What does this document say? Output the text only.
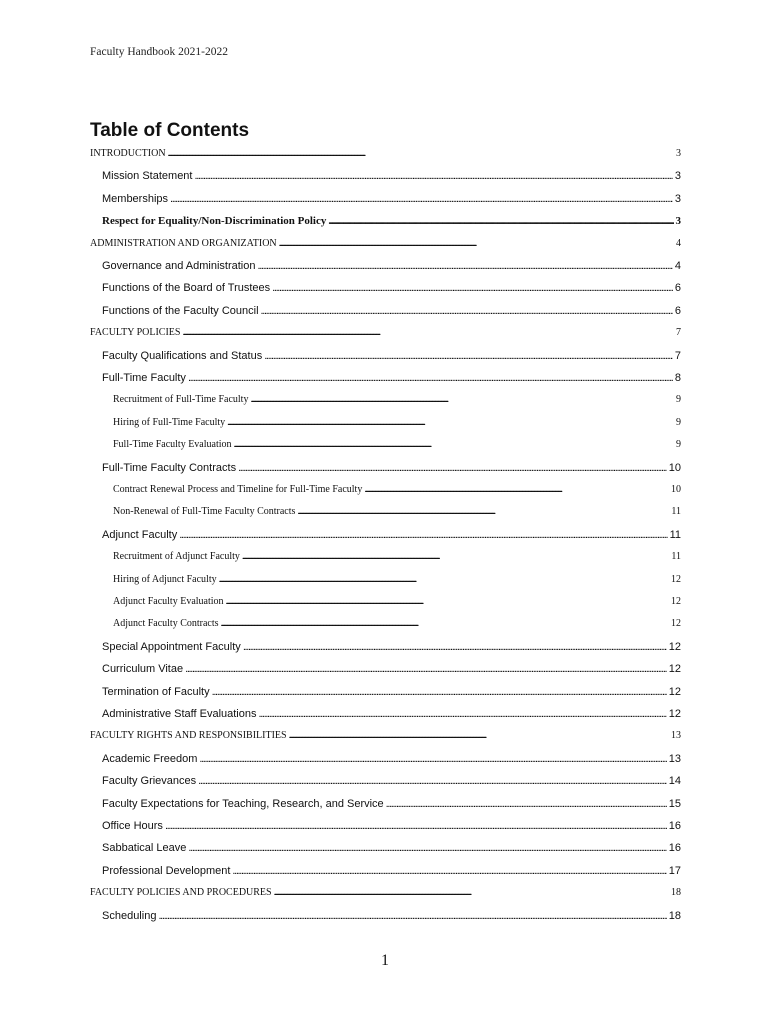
Faculty Handbook 2021-2022
Table of Contents
INTRODUCTION . . .	3
Mission Statement . . .	3
Memberships . . .	3
Respect for Equality/Non-Discrimination Policy . . .	3
ADMINISTRATION AND ORGANIZATION . . .	4
Governance and Administration . . .	4
Functions of the Board of Trustees . . .	6
Functions of the Faculty Council . . .	6
FACULTY POLICIES . . .	7
Faculty Qualifications and Status . . .	7
Full-Time Faculty . . .	8
Recruitment of Full-Time Faculty . . .	9
Hiring of Full-Time Faculty . . .	9
Full-Time Faculty Evaluation . . .	9
Full-Time Faculty Contracts . . .	10
Contract Renewal Process and Timeline for Full-Time Faculty . . .	10
Non-Renewal of Full-Time Faculty Contracts . . .	11
Adjunct Faculty . . .	11
Recruitment of Adjunct Faculty . . .	11
Hiring of Adjunct Faculty . . .	12
Adjunct Faculty Evaluation . . .	12
Adjunct Faculty Contracts . . .	12
Special Appointment Faculty . . .	12
Curriculum Vitae . . .	12
Termination of Faculty . . .	12
Administrative Staff Evaluations . . .	12
FACULTY RIGHTS AND RESPONSIBILITIES . . .	13
Academic Freedom . . .	13
Faculty Grievances . . .	14
Faculty Expectations for Teaching, Research, and Service . . .	15
Office Hours . . .	16
Sabbatical Leave . . .	16
Professional Development . . .	17
FACULTY POLICIES AND PROCEDURES . . .	18
Scheduling . . .	18
1
